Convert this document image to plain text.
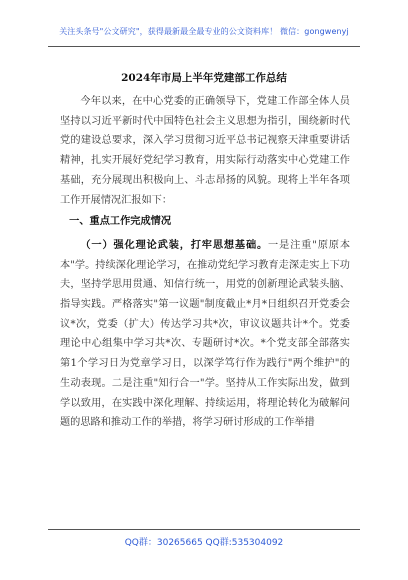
关注头条号"公文研究"，获得最新最全最专业的公文资料库！ 微信：gongwenyj
2024年市局上半年党建部工作总结

今年以来，在中心党委的正确领导下，党建工作部全体人员坚持以习近平新时代中国特色社会主义思想为指引，围绕新时代党的建设总要求，深入学习贯彻习近平总书记视察天津重要讲话精神，扎实开展好党纪学习教育，用实际行动落实中心党建工作基础，充分展现出积极向上、斗志昂扬的风貌。现将上半年各项工作开展情况汇报如下：

一、重点工作完成情况

（一）强化理论武装，打牢思想基础。一是注重"原原本本"学。持续深化理论学习，在推动党纪学习教育走深走实上下功夫，坚持学思用贯通、知信行统一，用党的创新理论武装头脑、指导实践。严格落实"第一议题"制度截止*月*日组织召开党委会议*次，党委（扩大）传达学习共*次，审议议题共计*个。党委理论中心组集中学习共*次、专题研讨*次。*个党支部全部落实第1个学习日为党章学习日，以深学笃行作为践行"两个维护"的生动表现。二是注重"知行合一"学。坚持从工作实际出发，做到学以致用，在实践中深化理解、持续运用，将理论转化为破解问题的思路和推动工作的举措，将学习研讨形成的工作举措

QQ群：30265665 QQ群:535304092
